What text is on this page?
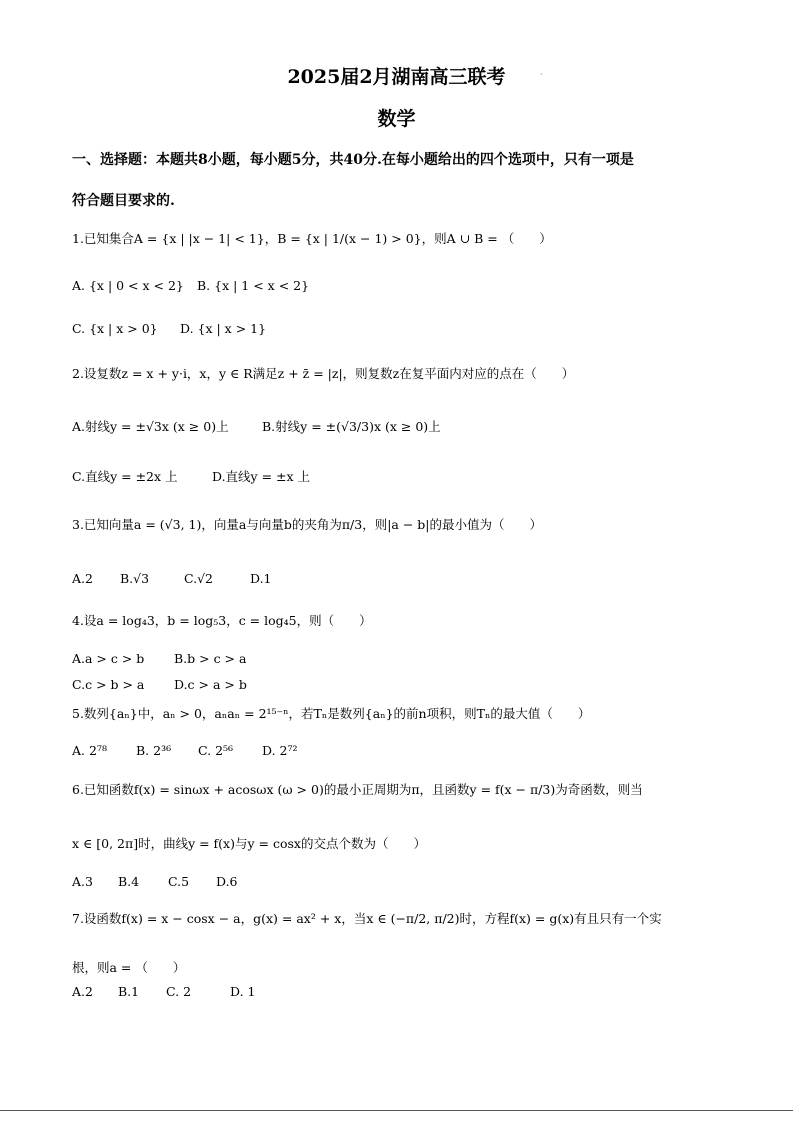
·
2025届2月湖南高三联考
数学
一、选择题：本题共8小题，每小题5分，共40分.在每小题给出的四个选项中，只有一项是
符合题目要求的.
1.已知集合A = {x | |x − 1| < 1}，B = {x | 1/(x − 1) > 0}，则A ∪ B = （　　）
A. {x | 0 < x < 2} B. {x | 1 < x < 2}
C. {x | x > 0} D. {x | x > 1}
2.设复数z = x + y·i，x，y ∈ R满足z + z̄ = |z|，则复数z在复平面内对应的点在（　　）
A.射线y = ±√3x (x ≥ 0)上	B.射线y = ±(√3/3)x (x ≥ 0)上
C.直线y = ±2x 上	D.直线y = ±x 上
3.已知向量a = (√3, 1)，向量a与向量b的夹角为π/3，则|a − b|的最小值为（　　）
A.2 B.√3	C.√2	D.1
4.设a = log₄3，b = log₅3，c = log₄5，则（　　）
A.a > c > b B.b > c > a
C.c > b > a D.c > a > b
5.数列{aₙ}中，aₙ > 0，aₙaₙ = 2¹⁵⁻ⁿ，若Tₙ是数列{aₙ}的前n项积，则Tₙ的最大值（　　）
A. 2⁷⁸ B. 2³⁶ C. 2⁵⁶ D. 2⁷²
6.已知函数f(x) = sinωx + acosωx (ω > 0)的最小正周期为π，且函数y = f(x − π/3)为奇函数，则当
x ∈ [0, 2π]时，曲线y = f(x)与y = cosx的交点个数为（　　）
A.3 B.4 C.5 D.6
7.设函数f(x) = x − cosx − a，g(x) = ax² + x，当x ∈ (−π/2, π/2)时，方程f(x) = g(x)有且只有一个实
根，则a = （　　）
A.2 B.1 C. 2	D. 1
